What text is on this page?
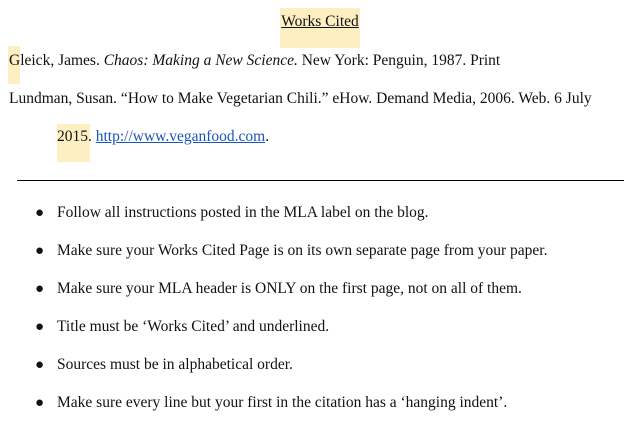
Works Cited
Gleick, James. Chaos: Making a New Science. New York: Penguin, 1987. Print
Lundman, Susan. “How to Make Vegetarian Chili.” eHow. Demand Media, 2006. Web. 6 July
2015. http://www.veganfood.com.
● Follow all instructions posted in the MLA label on the blog.
● Make sure your Works Cited Page is on its own separate page from your paper.
● Make sure your MLA header is ONLY on the first page, not on all of them.
● Title must be ‘Works Cited’ and underlined.
● Sources must be in alphabetical order.
● Make sure every line but your first in the citation has a ‘hanging indent’.
